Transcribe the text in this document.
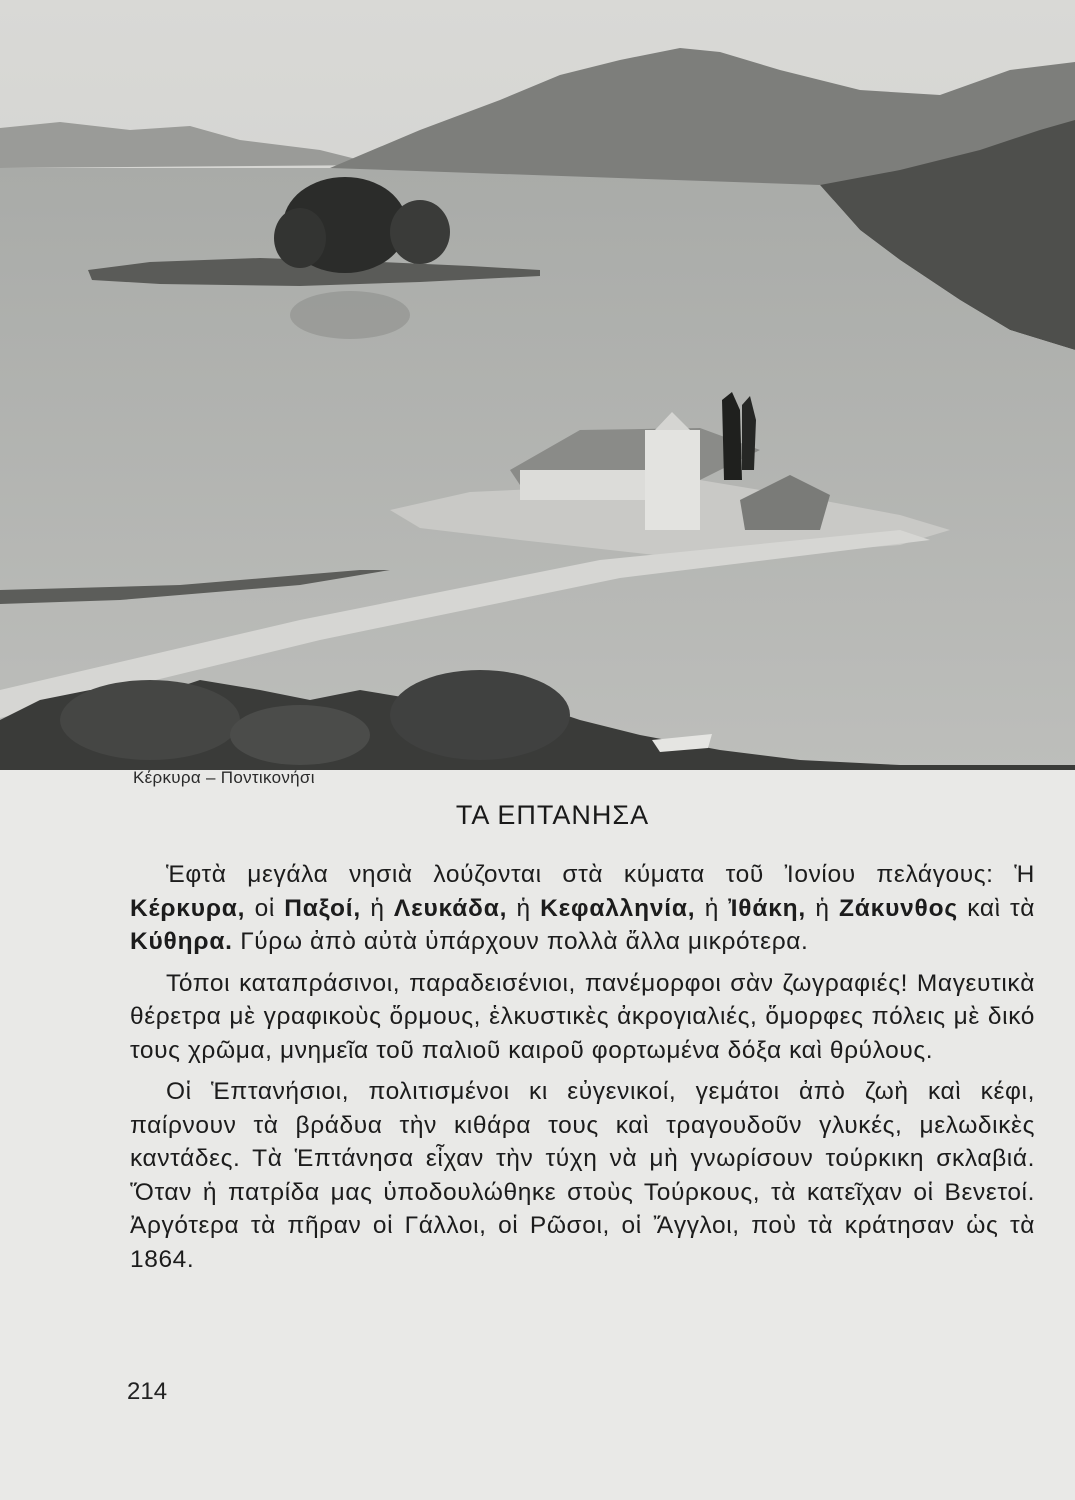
Κέρκυρα – Ποντικονήσι
ΤΑ ΕΠΤΑΝΗΣΑ

Ἑφτὰ μεγάλα νησιὰ λούζονται στὰ κύματα τοῦ Ἰονίου πελάγους: Ἡ Κέρκυρα, οἱ Παξοί, ἡ Λευκάδα, ἡ Κεφαλληνία, ἡ Ἰθάκη, ἡ Ζάκυνθος καὶ τὰ Κύθηρα. Γύρω ἀπὸ αὐτὰ ὑπάρχουν πολλὰ ἄλλα μικρότερα.

Τόποι καταπράσινοι, παραδεισένιοι, πανέμορφοι σὰν ζωγραφιές! Μαγευτικὰ θέρετρα μὲ γραφικοὺς ὅρμους, ἑλκυστικὲς ἀκρογιαλιές, ὅμορφες πόλεις μὲ δικό τους χρῶμα, μνημεῖα τοῦ παλιοῦ καιροῦ φορτωμένα δόξα καὶ θρύλους.

Οἱ Ἑπτανήσιοι, πολιτισμένοι κι εὐγενικοί, γεμάτοι ἀπὸ ζωὴ καὶ κέφι, παίρνουν τὰ βράδυα τὴν κιθάρα τους καὶ τραγουδοῦν γλυκές, μελωδικὲς καντάδες. Τὰ Ἑπτάνησα εἶχαν τὴν τύχη νὰ μὴ γνωρίσουν τούρκικη σκλαβιά. Ὅταν ἡ πατρίδα μας ὑποδουλώθηκε στοὺς Τούρκους, τὰ κατεῖχαν οἱ Βενετοί. Ἀργότερα τὰ πῆραν οἱ Γάλλοι, οἱ Ρῶσοι, οἱ Ἄγγλοι, ποὺ τὰ κράτησαν ὡς τὰ 1864.

214
